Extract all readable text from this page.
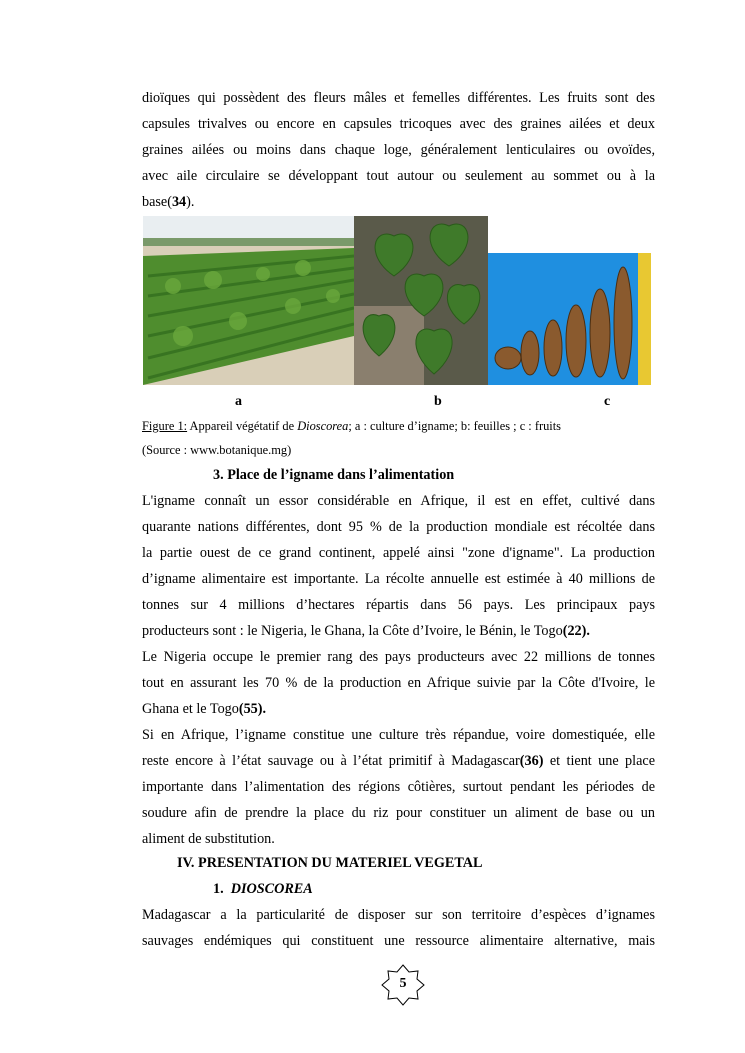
dioïques qui possèdent des fleurs mâles et femelles différentes. Les fruits sont des
capsules trivalves ou encore en capsules tricoques avec des graines ailées et deux
graines ailées ou moins dans chaque loge, généralement lenticulaires ou ovoïdes,
avec aile circulaire se développant tout autour ou seulement au sommet ou à la
base(34).
a	b	c
Figure 1: Appareil végétatif de Dioscorea; a : culture d’igname; b: feuilles ; c : fruits
(Source : www.botanique.mg)
3. Place de l’igname dans l’alimentation
L'igname connaît un essor considérable en Afrique, il est en effet, cultivé dans
quarante nations différentes, dont 95 % de la production mondiale est récoltée dans
la partie ouest de ce grand continent, appelé ainsi "zone d'igname". La production
d’igname alimentaire est importante. La récolte annuelle est estimée à 40 millions de
tonnes sur 4 millions d’hectares répartis dans 56 pays. Les principaux pays
producteurs sont : le Nigeria, le Ghana, la Côte d’Ivoire, le Bénin, le Togo(22).
Le Nigeria occupe le premier rang des pays producteurs avec 22 millions de tonnes
tout en assurant les 70 % de la production en Afrique suivie par la Côte d'Ivoire, le
Ghana et le Togo(55).
Si en Afrique, l’igname constitue une culture très répandue, voire domestiquée, elle
reste encore à l’état sauvage ou à l’état primitif à Madagascar(36) et tient une place
importante dans l’alimentation des régions côtières, surtout pendant les périodes de
soudure afin de prendre la place du riz pour constituer un aliment de base ou un
aliment de substitution.
IV. PRESENTATION DU MATERIEL VEGETAL
1. DIOSCOREA
Madagascar a la particularité de disposer sur son territoire d’espèces d’ignames
sauvages endémiques qui constituent une ressource alimentaire alternative, mais
5
